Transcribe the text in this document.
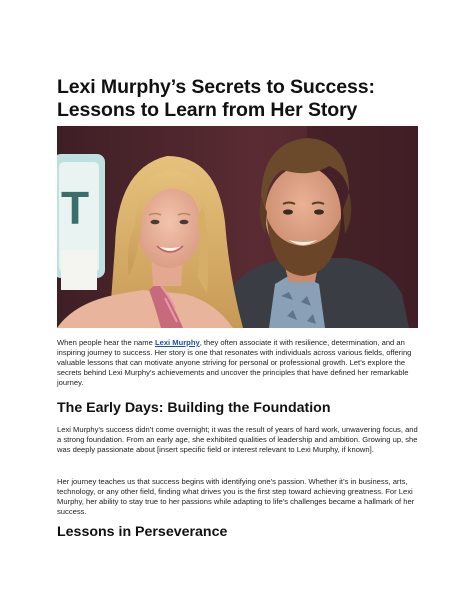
Lexi Murphy’s Secrets to Success:
Lessons to Learn from Her Story
T

When people hear the name Lexi Murphy, they often associate it with resilience, determination, and an inspiring journey to success. Her story is one that resonates with individuals across various fields, offering valuable lessons that can motivate anyone striving for personal or professional growth. Let’s explore the secrets behind Lexi Murphy’s achievements and uncover the principles that have defined her remarkable journey.

The Early Days: Building the Foundation

Lexi Murphy’s success didn’t come overnight; it was the result of years of hard work, unwavering focus, and a strong foundation. From an early age, she exhibited qualities of leadership and ambition. Growing up, she was deeply passionate about [insert specific field or interest relevant to Lexi Murphy, if known].

Her journey teaches us that success begins with identifying one’s passion. Whether it’s in business, arts, technology, or any other field, finding what drives you is the first step toward achieving greatness. For Lexi Murphy, her ability to stay true to her passions while adapting to life’s challenges became a hallmark of her success.

Lessons in Perseverance
